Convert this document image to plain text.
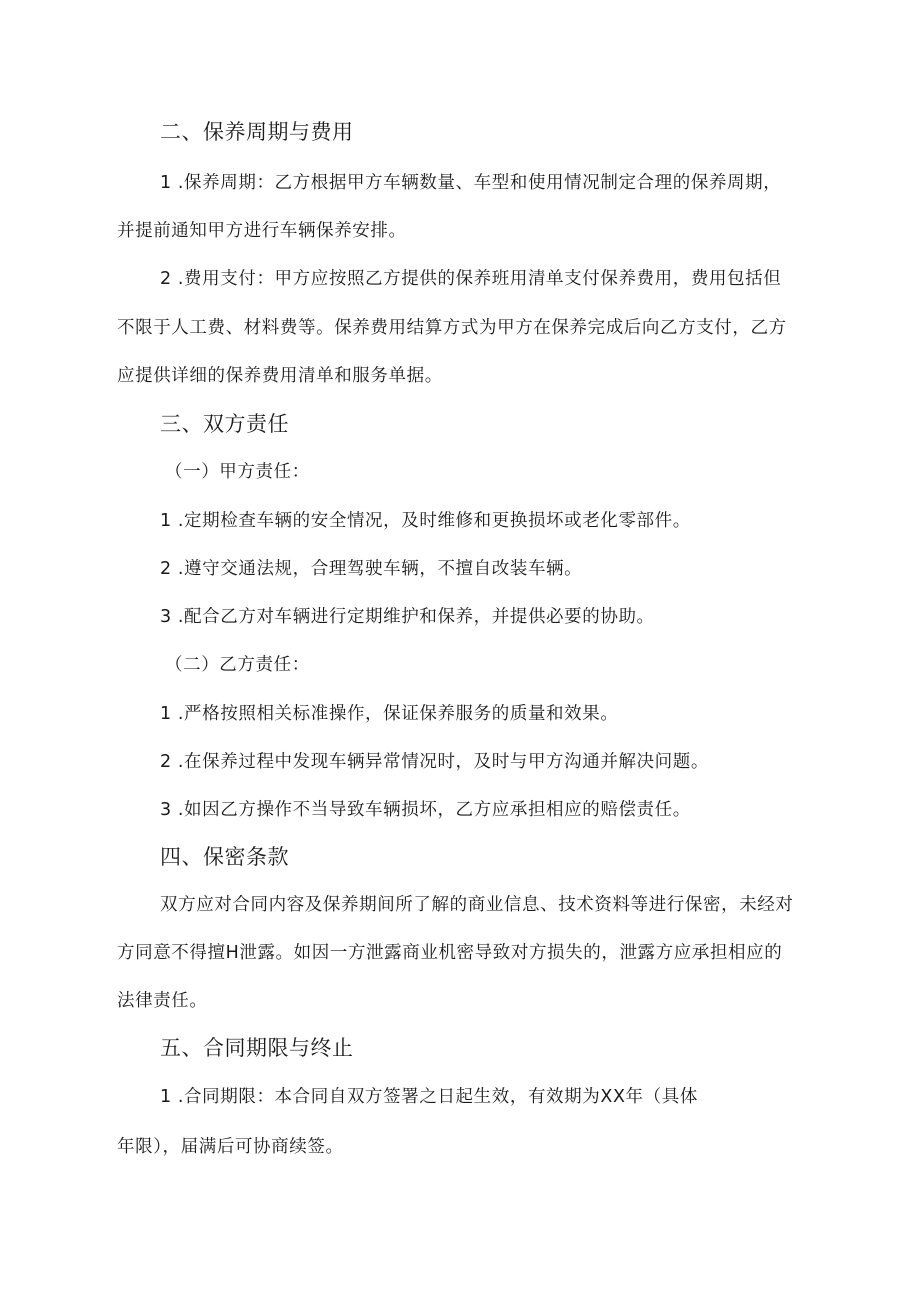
二、保养周期与费用

1 .保养周期：乙方根据甲方车辆数量、车型和使用情况制定合理的保养周期，

并提前通知甲方进行车辆保养安排。

2 .费用支付：甲方应按照乙方提供的保养班用清单支付保养费用，费用包括但

不限于人工费、材料费等。保养费用结算方式为甲方在保养完成后向乙方支付，乙方

应提供详细的保养费用清单和服务单据。

三、双方责任

（一）甲方责任：

1 .定期检查车辆的安全情况，及时维修和更换损坏或老化零部件。

2 .遵守交通法规，合理驾驶车辆，不擅自改装车辆。

3 .配合乙方对车辆进行定期维护和保养，并提供必要的协助。

（二）乙方责任：

1 .严格按照相关标准操作，保证保养服务的质量和效果。

2 .在保养过程中发现车辆异常情况时，及时与甲方沟通并解决问题。

3 .如因乙方操作不当导致车辆损坏，乙方应承担相应的赔偿责任。

四、保密条款

双方应对合同内容及保养期间所了解的商业信息、技术资料等进行保密，未经对

方同意不得擅H泄露。如因一方泄露商业机密导致对方损失的，泄露方应承担相应的

法律责任。

五、合同期限与终止

1 .合同期限：本合同自双方签署之日起生效，有效期为XX年（具体

年限），届满后可协商续签。
